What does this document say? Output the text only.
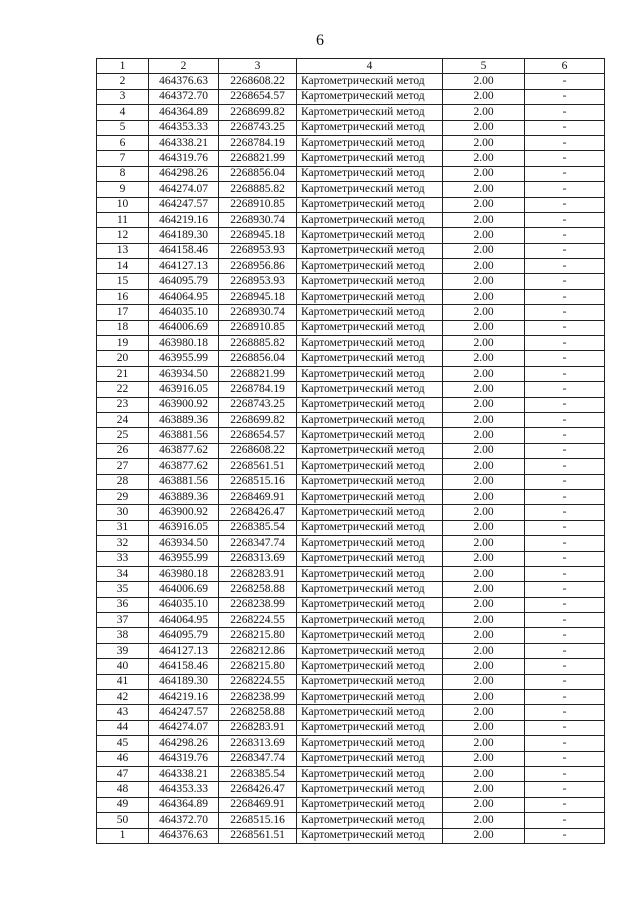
6
1	2	3	4	5	6
2	464376.63	2268608.22	Картометрический метод	2.00	-
3	464372.70	2268654.57	Картометрический метод	2.00	-
4	464364.89	2268699.82	Картометрический метод	2.00	-
5	464353.33	2268743.25	Картометрический метод	2.00	-
6	464338.21	2268784.19	Картометрический метод	2.00	-
7	464319.76	2268821.99	Картометрический метод	2.00	-
8	464298.26	2268856.04	Картометрический метод	2.00	-
9	464274.07	2268885.82	Картометрический метод	2.00	-
10	464247.57	2268910.85	Картометрический метод	2.00	-
11	464219.16	2268930.74	Картометрический метод	2.00	-
12	464189.30	2268945.18	Картометрический метод	2.00	-
13	464158.46	2268953.93	Картометрический метод	2.00	-
14	464127.13	2268956.86	Картометрический метод	2.00	-
15	464095.79	2268953.93	Картометрический метод	2.00	-
16	464064.95	2268945.18	Картометрический метод	2.00	-
17	464035.10	2268930.74	Картометрический метод	2.00	-
18	464006.69	2268910.85	Картометрический метод	2.00	-
19	463980.18	2268885.82	Картометрический метод	2.00	-
20	463955.99	2268856.04	Картометрический метод	2.00	-
21	463934.50	2268821.99	Картометрический метод	2.00	-
22	463916.05	2268784.19	Картометрический метод	2.00	-
23	463900.92	2268743.25	Картометрический метод	2.00	-
24	463889.36	2268699.82	Картометрический метод	2.00	-
25	463881.56	2268654.57	Картометрический метод	2.00	-
26	463877.62	2268608.22	Картометрический метод	2.00	-
27	463877.62	2268561.51	Картометрический метод	2.00	-
28	463881.56	2268515.16	Картометрический метод	2.00	-
29	463889.36	2268469.91	Картометрический метод	2.00	-
30	463900.92	2268426.47	Картометрический метод	2.00	-
31	463916.05	2268385.54	Картометрический метод	2.00	-
32	463934.50	2268347.74	Картометрический метод	2.00	-
33	463955.99	2268313.69	Картометрический метод	2.00	-
34	463980.18	2268283.91	Картометрический метод	2.00	-
35	464006.69	2268258.88	Картометрический метод	2.00	-
36	464035.10	2268238.99	Картометрический метод	2.00	-
37	464064.95	2268224.55	Картометрический метод	2.00	-
38	464095.79	2268215.80	Картометрический метод	2.00	-
39	464127.13	2268212.86	Картометрический метод	2.00	-
40	464158.46	2268215.80	Картометрический метод	2.00	-
41	464189.30	2268224.55	Картометрический метод	2.00	-
42	464219.16	2268238.99	Картометрический метод	2.00	-
43	464247.57	2268258.88	Картометрический метод	2.00	-
44	464274.07	2268283.91	Картометрический метод	2.00	-
45	464298.26	2268313.69	Картометрический метод	2.00	-
46	464319.76	2268347.74	Картометрический метод	2.00	-
47	464338.21	2268385.54	Картометрический метод	2.00	-
48	464353.33	2268426.47	Картометрический метод	2.00	-
49	464364.89	2268469.91	Картометрический метод	2.00	-
50	464372.70	2268515.16	Картометрический метод	2.00	-
1	464376.63	2268561.51	Картометрический метод	2.00	-
